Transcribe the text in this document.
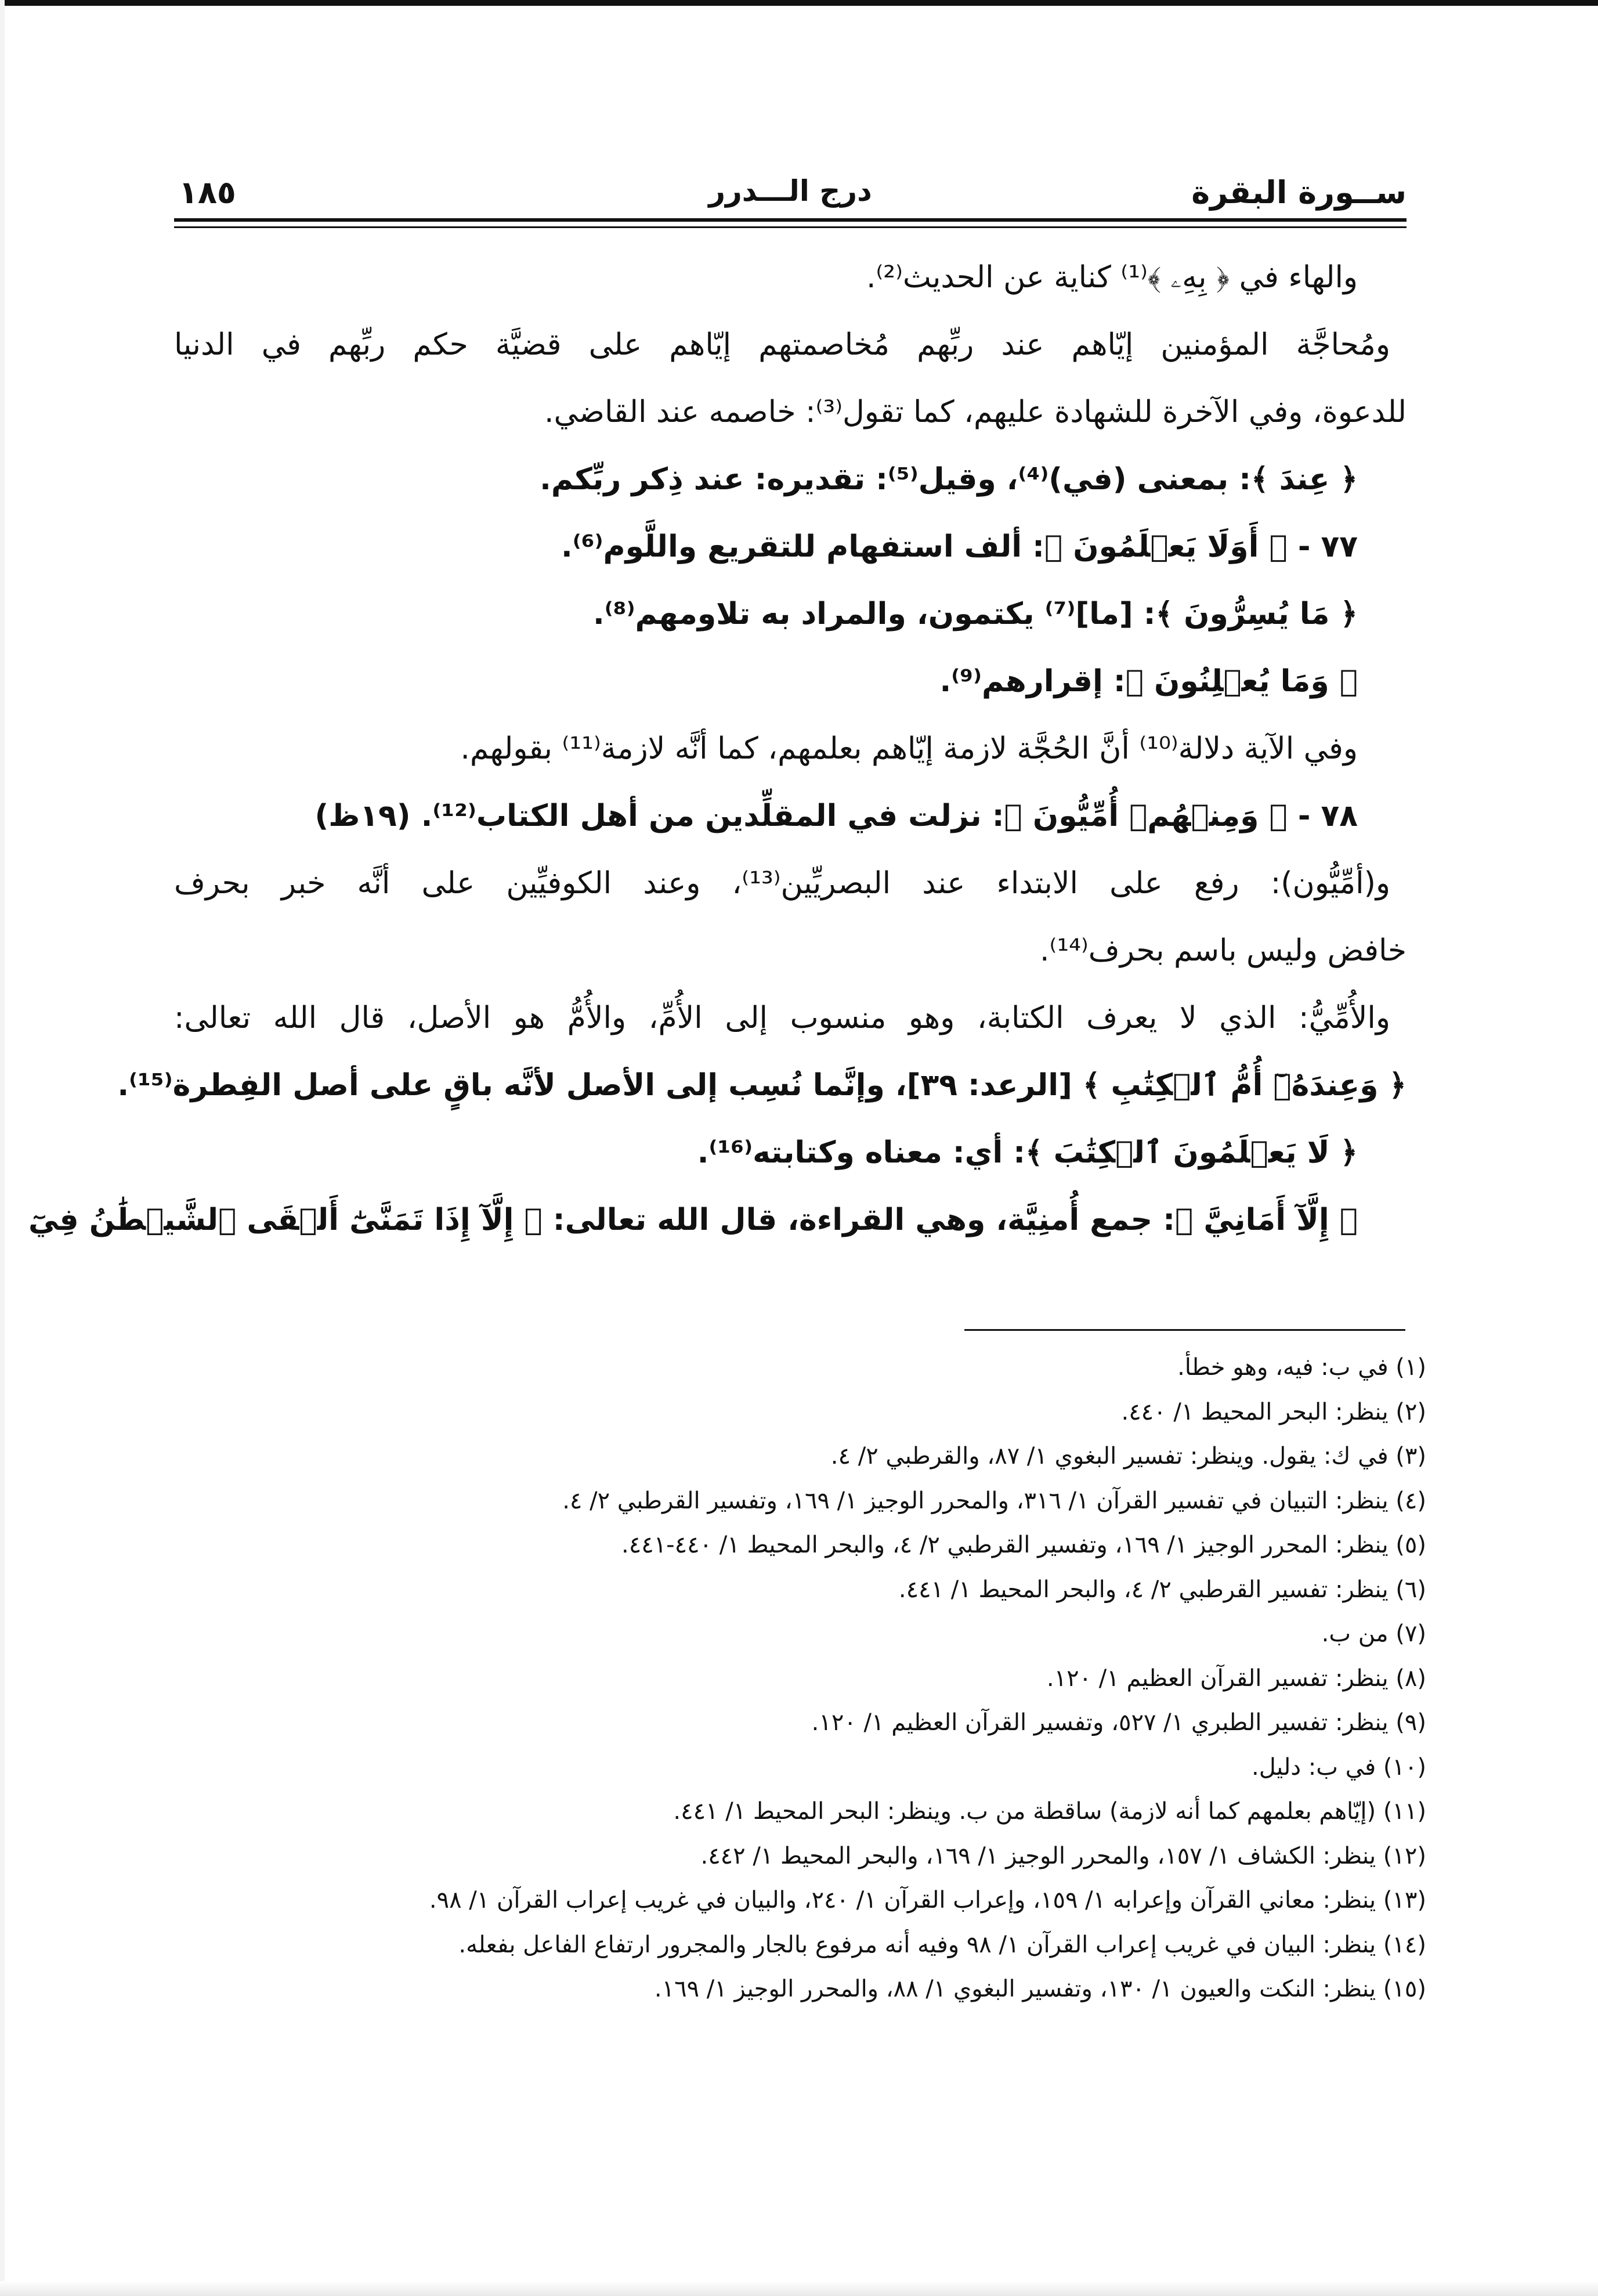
١٨٥	درج الـــدرر	ســورة البقرة
والهاء في ﴿ بِهِۦ ﴾⁽¹⁾ كناية عن الحديث⁽²⁾.
ومُحاجَّة المؤمنين إيّاهم عند ربِّهم مُخاصمتهم إيّاهم على قضيَّة حكم ربِّهم في الدنيا
للدعوة، وفي الآخرة للشهادة عليهم، كما تقول⁽³⁾: خاصمه عند القاضي.
﴿ عِندَ ﴾: بمعنى (في)⁽⁴⁾، وقيل⁽⁵⁾: تقديره: عند ذِكر ربِّكم.
٧٧ - ﴿ أَوَلَا يَعۡلَمُونَ ﴾: ألف استفهام للتقريع واللَّوم⁽⁶⁾.
﴿ مَا يُسِرُّونَ ﴾: [ما]⁽⁷⁾ يكتمون، والمراد به تلاومهم⁽⁸⁾.
﴿ وَمَا يُعۡلِنُونَ ﴾: إقرارهم⁽⁹⁾.
وفي الآية دلالة⁽¹⁰⁾ أنَّ الحُجَّة لازمة إيّاهم بعلمهم، كما أنَّه لازمة⁽¹¹⁾ بقولهم.
٧٨ - ﴿ وَمِنۡهُمۡ أُمِّيُّونَ ﴾: نزلت في المقلِّدين من أهل الكتاب⁽¹²⁾. (١٩ظ)
و(أمِّيُّون): رفع على الابتداء عند البصريِّين⁽¹³⁾، وعند الكوفيِّين على أنَّه خبر بحرف
خافض وليس باسم بحرف⁽¹⁴⁾.
والأُمِّيُّ: الذي لا يعرف الكتابة، وهو منسوب إلى الأُمِّ، والأُمُّ هو الأصل، قال الله تعالى:
﴿ وَعِندَهُۥٓ أُمُّ ٱلۡكِتَٰبِ ﴾ [الرعد: ٣٩]، وإنَّما نُسِب إلى الأصل لأنَّه باقٍ على أصل الفِطرة⁽¹⁵⁾.
﴿ لَا يَعۡلَمُونَ ٱلۡكِتَٰبَ ﴾: أي: معناه وكتابته⁽¹⁶⁾.
﴿ إِلَّآ أَمَانِيَّ ﴾: جمع أُمنِيَّة، وهي القراءة، قال الله تعالى: ﴿ إِلَّآ إِذَا تَمَنَّىٰٓ أَلۡقَى ٱلشَّيۡطَٰنُ فِيٓ
(١) في ب: فيه، وهو خطأ.
(٢) ينظر: البحر المحيط ١/ ٤٤٠.
(٣) في ك: يقول. وينظر: تفسير البغوي ١/ ٨٧، والقرطبي ٢/ ٤.
(٤) ينظر: التبيان في تفسير القرآن ١/ ٣١٦، والمحرر الوجيز ١/ ١٦٩، وتفسير القرطبي ٢/ ٤.
(٥) ينظر: المحرر الوجيز ١/ ١٦٩، وتفسير القرطبي ٢/ ٤، والبحر المحيط ١/ ٤٤٠-٤٤١.
(٦) ينظر: تفسير القرطبي ٢/ ٤، والبحر المحيط ١/ ٤٤١.
(٧) من ب.
(٨) ينظر: تفسير القرآن العظيم ١/ ١٢٠.
(٩) ينظر: تفسير الطبري ١/ ٥٢٧، وتفسير القرآن العظيم ١/ ١٢٠.
(١٠) في ب: دليل.
(١١) (إيّاهم بعلمهم كما أنه لازمة) ساقطة من ب. وينظر: البحر المحيط ١/ ٤٤١.
(١٢) ينظر: الكشاف ١/ ١٥٧، والمحرر الوجيز ١/ ١٦٩، والبحر المحيط ١/ ٤٤٢.
(١٣) ينظر: معاني القرآن وإعرابه ١/ ١٥٩، وإعراب القرآن ١/ ٢٤٠، والبيان في غريب إعراب القرآن ١/ ٩٨.
(١٤) ينظر: البيان في غريب إعراب القرآن ١/ ٩٨ وفيه أنه مرفوع بالجار والمجرور ارتفاع الفاعل بفعله.
(١٥) ينظر: النكت والعيون ١/ ١٣٠، وتفسير البغوي ١/ ٨٨، والمحرر الوجيز ١/ ١٦٩.
